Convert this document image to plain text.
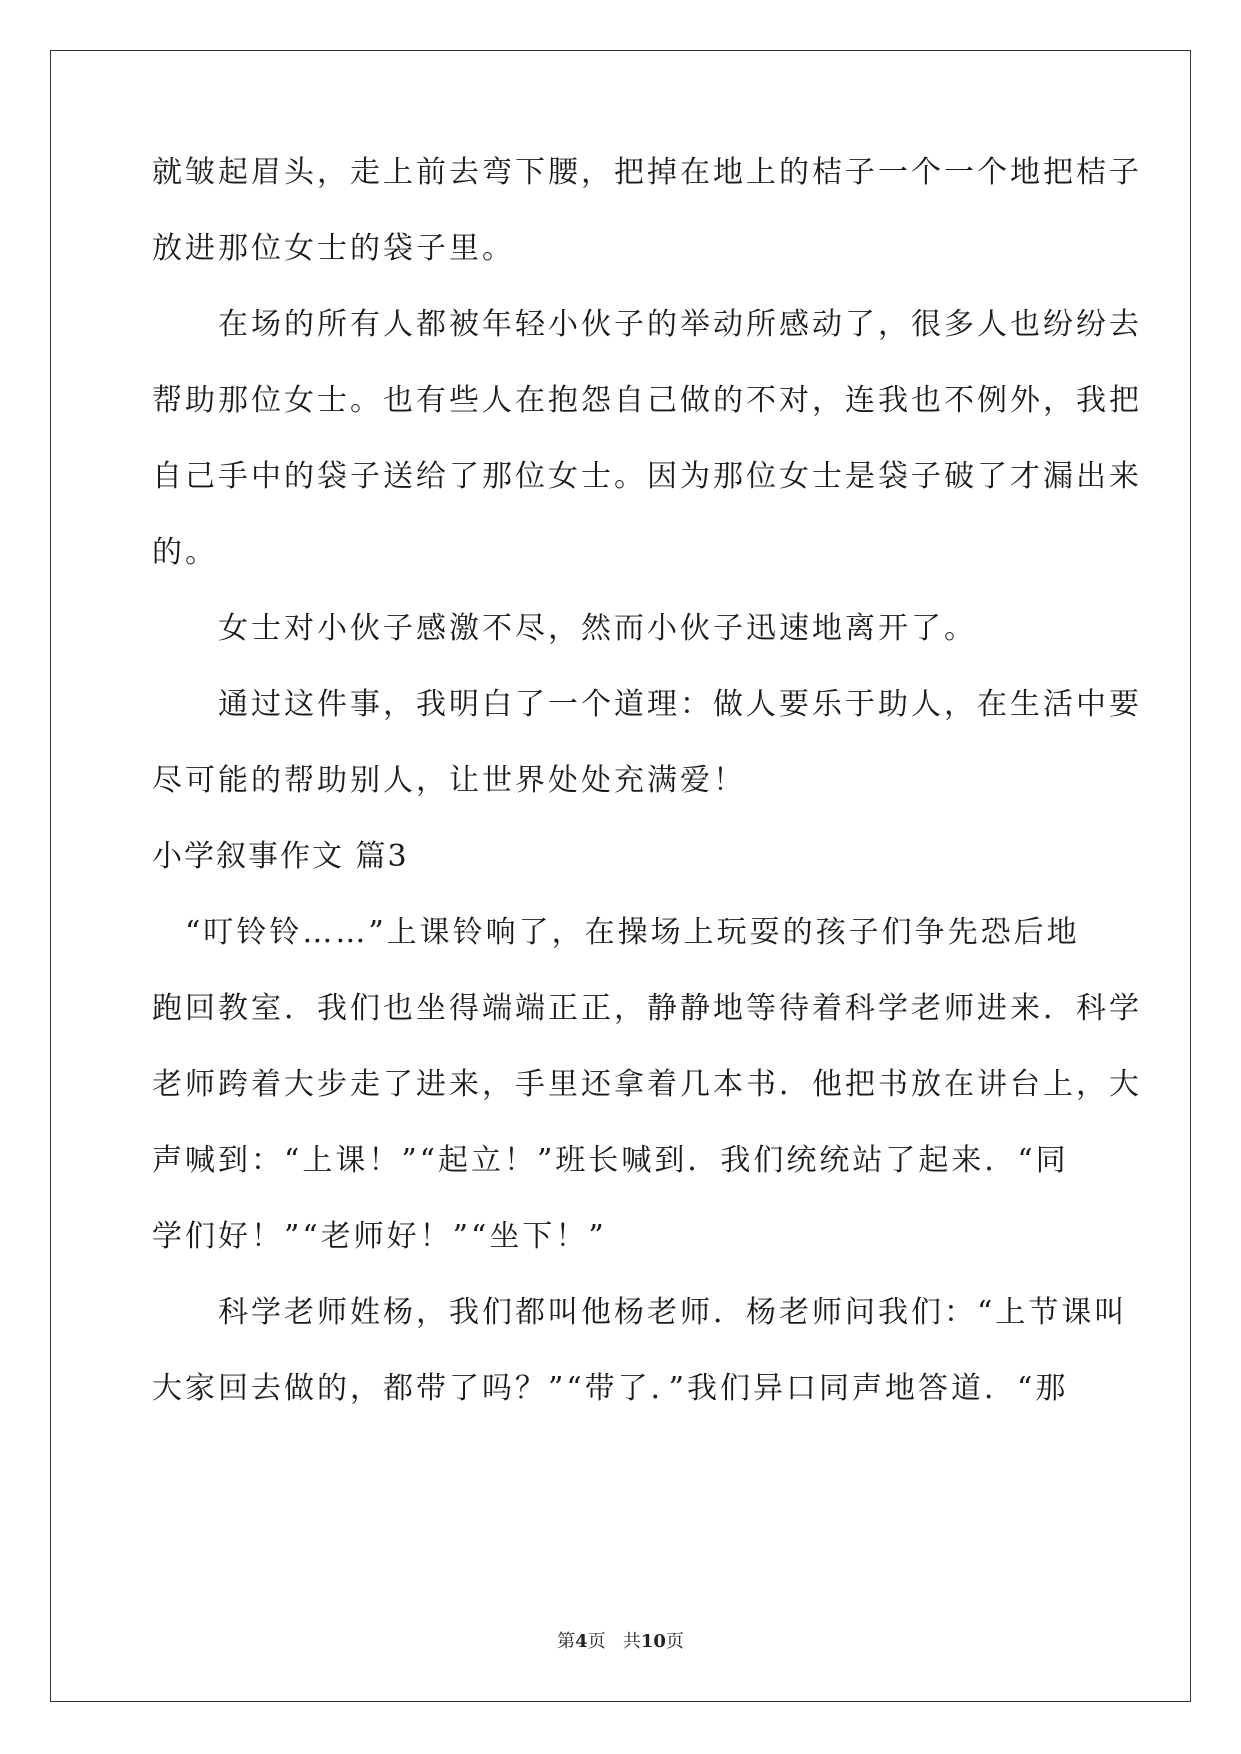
就皱起眉头，走上前去弯下腰，把掉在地上的桔子一个一个地把桔子
放进那位女士的袋子里。
　　在场的所有人都被年轻小伙子的举动所感动了，很多人也纷纷去
帮助那位女士。也有些人在抱怨自己做的不对，连我也不例外，我把
自己手中的袋子送给了那位女士。因为那位女士是袋子破了才漏出来
的。
　　女士对小伙子感激不尽，然而小伙子迅速地离开了。
　　通过这件事，我明白了一个道理：做人要乐于助人，在生活中要
尽可能的帮助别人，让世界处处充满爱！
小学叙事作文 篇3
　“叮铃铃……”上课铃响了，在操场上玩耍的孩子们争先恐后地
跑回教室．我们也坐得端端正正，静静地等待着科学老师进来．科学
老师跨着大步走了进来，手里还拿着几本书．他把书放在讲台上，大
声喊到：“上课！”“起立！”班长喊到．我们统统站了起来．“同
学们好！”“老师好！”“坐下！”
　　科学老师姓杨，我们都叫他杨老师．杨老师问我们：“上节课叫
大家回去做的，都带了吗？”“带了．”我们异口同声地答道．“那
第4页 共10页
